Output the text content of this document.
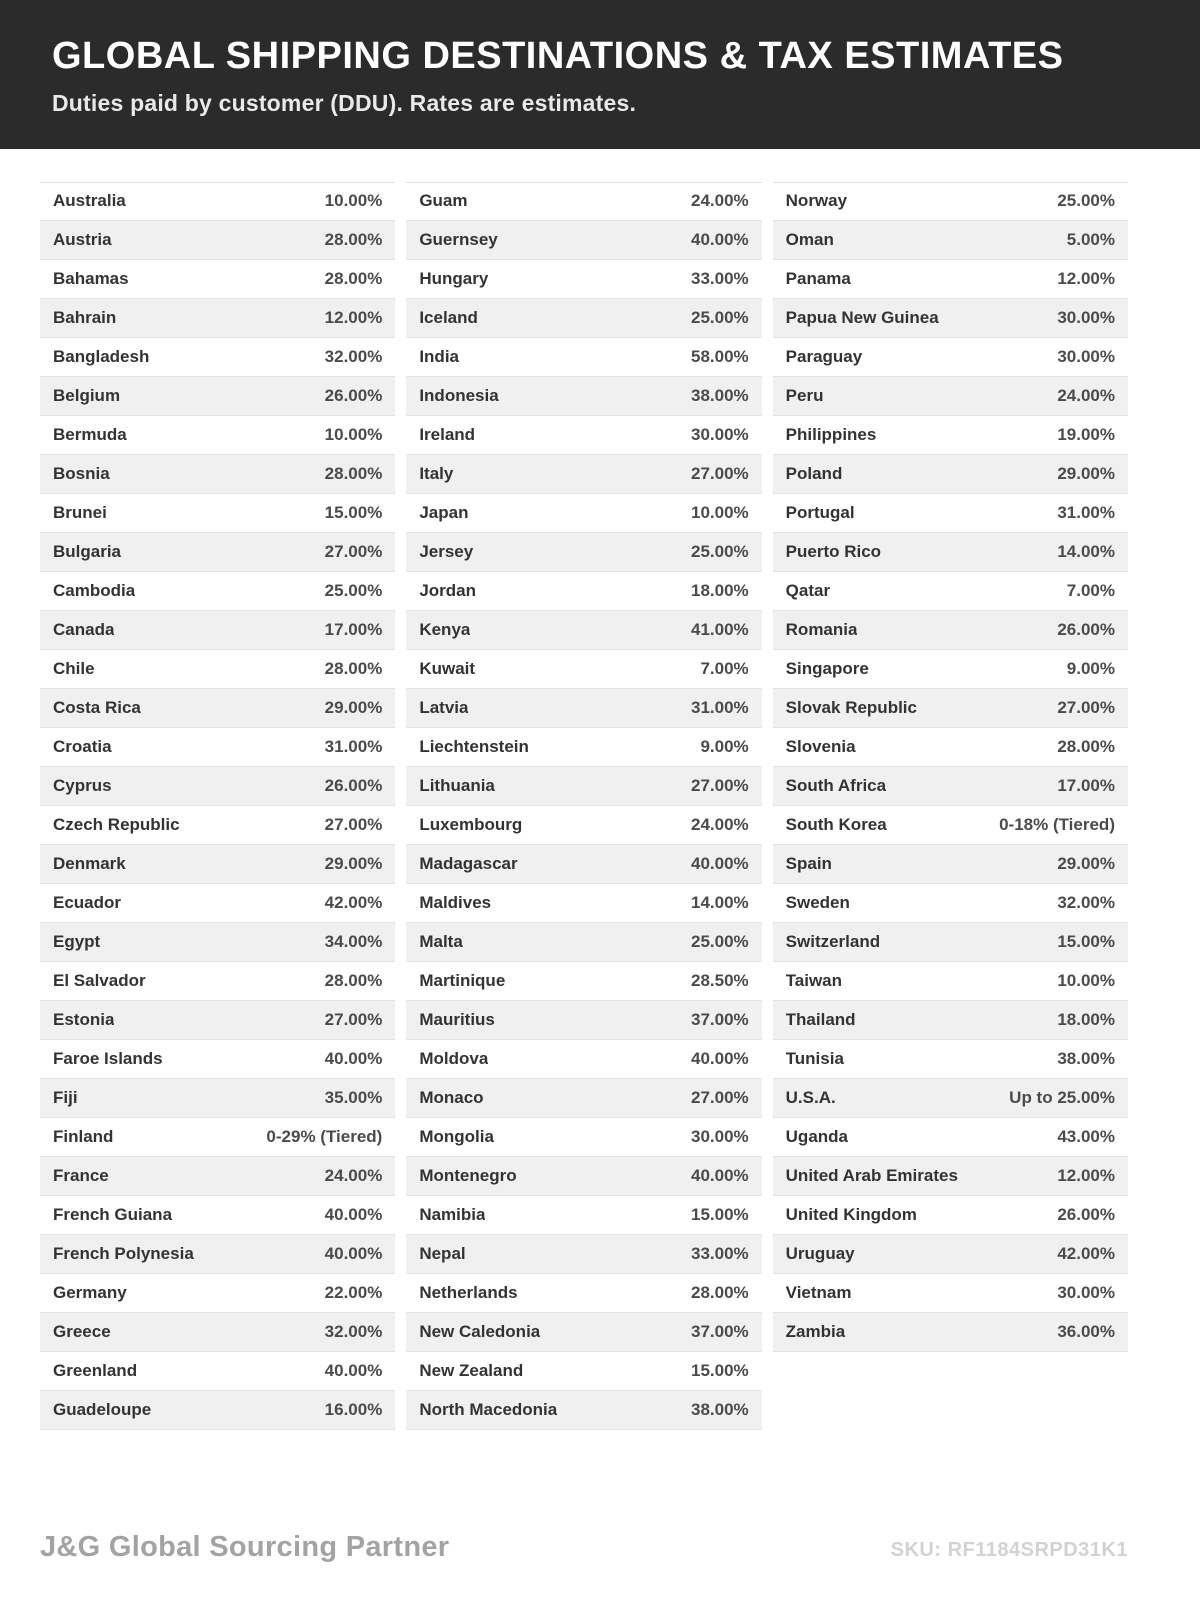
GLOBAL SHIPPING DESTINATIONS & TAX ESTIMATES

Duties paid by customer (DDU). Rates are estimates.

Australia	10.00%
Austria	28.00%
Bahamas	28.00%
Bahrain	12.00%
Bangladesh	32.00%
Belgium	26.00%
Bermuda	10.00%
Bosnia	28.00%
Brunei	15.00%
Bulgaria	27.00%
Cambodia	25.00%
Canada	17.00%
Chile	28.00%
Costa Rica	29.00%
Croatia	31.00%
Cyprus	26.00%
Czech Republic	27.00%
Denmark	29.00%
Ecuador	42.00%
Egypt	34.00%
El Salvador	28.00%
Estonia	27.00%
Faroe Islands	40.00%
Fiji	35.00%
Finland	0-29% (Tiered)
France	24.00%
French Guiana	40.00%
French Polynesia	40.00%
Germany	22.00%
Greece	32.00%
Greenland	40.00%
Guadeloupe	16.00%
Guam	24.00%
Guernsey	40.00%
Hungary	33.00%
Iceland	25.00%
India	58.00%
Indonesia	38.00%
Ireland	30.00%
Italy	27.00%
Japan	10.00%
Jersey	25.00%
Jordan	18.00%
Kenya	41.00%
Kuwait	7.00%
Latvia	31.00%
Liechtenstein	9.00%
Lithuania	27.00%
Luxembourg	24.00%
Madagascar	40.00%
Maldives	14.00%
Malta	25.00%
Martinique	28.50%
Mauritius	37.00%
Moldova	40.00%
Monaco	27.00%
Mongolia	30.00%
Montenegro	40.00%
Namibia	15.00%
Nepal	33.00%
Netherlands	28.00%
New Caledonia	37.00%
New Zealand	15.00%
North Macedonia	38.00%
Norway	25.00%
Oman	5.00%
Panama	12.00%
Papua New Guinea	30.00%
Paraguay	30.00%
Peru	24.00%
Philippines	19.00%
Poland	29.00%
Portugal	31.00%
Puerto Rico	14.00%
Qatar	7.00%
Romania	26.00%
Singapore	9.00%
Slovak Republic	27.00%
Slovenia	28.00%
South Africa	17.00%
South Korea	0-18% (Tiered)
Spain	29.00%
Sweden	32.00%
Switzerland	15.00%
Taiwan	10.00%
Thailand	18.00%
Tunisia	38.00%
U.S.A.	Up to 25.00%
Uganda	43.00%
United Arab Emirates	12.00%
United Kingdom	26.00%
Uruguay	42.00%
Vietnam	30.00%
Zambia	36.00%
J&G Global Sourcing Partner	SKU: RF1184SRPD31K1
